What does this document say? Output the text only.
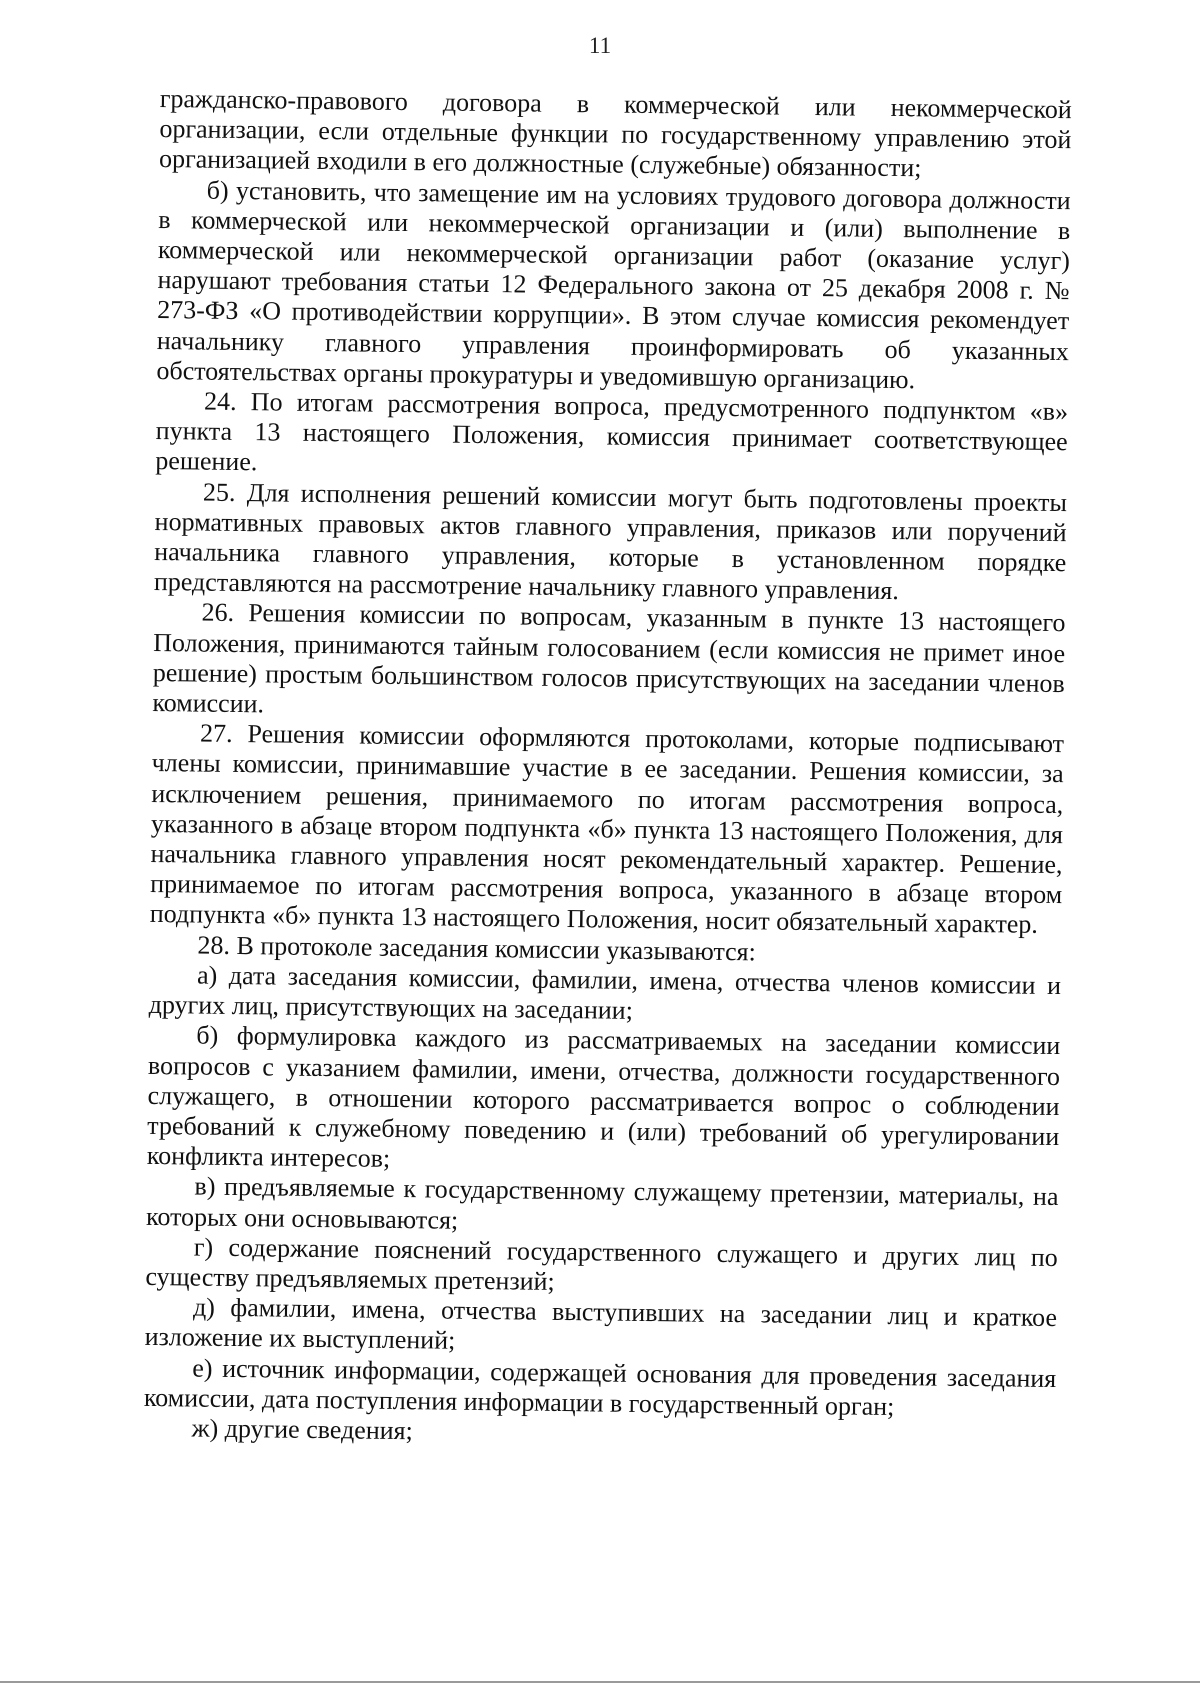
11

гражданско-правового договора в коммерческой или некоммерческой организации, если отдельные функции по государственному управлению этой организацией входили в его должностные (служебные) обязанности;

б) установить, что замещение им на условиях трудового договора должности в коммерческой или некоммерческой организации и (или) выполнение в коммерческой или некоммерческой организации работ (оказание услуг) нарушают требования статьи 12 Федерального закона от 25 декабря 2008 г. № 273-ФЗ «О противодействии коррупции». В этом случае комиссия рекомендует начальнику главного управления проинформировать об указанных обстоятельствах органы прокуратуры и уведомившую организацию.

24. По итогам рассмотрения вопроса, предусмотренного подпунктом «в» пункта 13 настоящего Положения, комиссия принимает соответствующее решение.

25. Для исполнения решений комиссии могут быть подготовлены проекты нормативных правовых актов главного управления, приказов или поручений начальника главного управления, которые в установленном порядке представляются на рассмотрение начальнику главного управления.

26. Решения комиссии по вопросам, указанным в пункте 13 настоящего Положения, принимаются тайным голосованием (если комиссия не примет иное решение) простым большинством голосов присутствующих на заседании членов комиссии.

27. Решения комиссии оформляются протоколами, которые подписывают члены комиссии, принимавшие участие в ее заседании. Решения комиссии, за исключением решения, принимаемого по итогам рассмотрения вопроса, указанного в абзаце втором подпункта «б» пункта 13 настоящего Положения, для начальника главного управления носят рекомендательный характер. Решение, принимаемое по итогам рассмотрения вопроса, указанного в абзаце втором подпункта «б» пункта 13 настоящего Положения, носит обязательный характер.

28. В протоколе заседания комиссии указываются:

а) дата заседания комиссии, фамилии, имена, отчества членов комиссии и других лиц, присутствующих на заседании;

б) формулировка каждого из рассматриваемых на заседании комиссии вопросов с указанием фамилии, имени, отчества, должности государственного служащего, в отношении которого рассматривается вопрос о соблюдении требований к служебному поведению и (или) требований об урегулировании конфликта интересов;

в) предъявляемые к государственному служащему претензии, материалы, на которых они основываются;

г) содержание пояснений государственного служащего и других лиц по существу предъявляемых претензий;

д) фамилии, имена, отчества выступивших на заседании лиц и краткое изложение их выступлений;

е) источник информации, содержащей основания для проведения заседания комиссии, дата поступления информации в государственный орган;

ж) другие сведения;
